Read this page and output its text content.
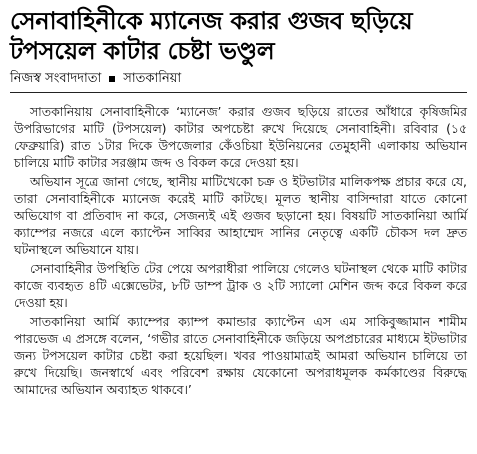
সেনাবাহিনীকে ম্যানেজ করার গুজব ছড়িয়ে টপসয়েল কাটার চেষ্টা ভণ্ডুল
নিজস্ব সংবাদদাতা সাতকানিয়া

সাতকানিয়ায় সেনাবাহিনীকে ‘ম্যানেজ’ করার গুজব ছড়িয়ে রাতের আঁধারে কৃষিজমির উপরিভাগের মাটি (টপসয়েল) কাটার অপচেষ্টা রুখে দিয়েছে সেনাবাহিনী। রবিবার (১৫ ফেব্রুয়ারি) রাত ১টার দিকে উপজেলার কেঁওচিয়া ইউনিয়নের তেমুহানী এলাকায় অভিযান চালিয়ে মাটি কাটার সরঞ্জাম জব্দ ও বিকল করে দেওয়া হয়।

অভিযান সূত্রে জানা গেছে, স্থানীয় মাটিখেকো চক্র ও ইটভাটার মালিকপক্ষ প্রচার করে যে, তারা সেনাবাহিনীকে ম্যানেজ করেই মাটি কাটছে। মূলত স্থানীয় বাসিন্দারা যাতে কোনো অভিযোগ বা প্রতিবাদ না করে, সেজন্যই এই গুজব ছড়ানো হয়। বিষয়টি সাতকানিয়া আর্মি ক্যাম্পের নজরে এলে ক্যাপ্টেন সাব্বির আহাম্মেদ সানির নেতৃত্বে একটি চৌকস দল দ্রুত ঘটনাস্থলে অভিযানে যায়।

সেনাবাহিনীর উপস্থিতি টের পেয়ে অপরাধীরা পালিয়ে গেলেও ঘটনাস্থল থেকে মাটি কাটার কাজে ব্যবহৃত ৪টি এক্সেভেটর, ৮টি ডাম্প ট্রাক ও ২টি স্যালো মেশিন জব্দ করে বিকল করে দেওয়া হয়।

সাতকানিয়া আর্মি ক্যাম্পের ক্যাম্প কমান্ডার ক্যাপ্টেন এস এম সাকিবুজ্জামান শামীম পারভেজ এ প্রসঙ্গে বলেন, ‘গভীর রাতে সেনাবাহিনীকে জড়িয়ে অপপ্রচারের মাধ্যমে ইটভাটার জন্য টপসয়েল কাটার চেষ্টা করা হয়েছিল। খবর পাওয়ামাত্রই আমরা অভিযান চালিয়ে তা রুখে দিয়েছি। জনস্বার্থে এবং পরিবেশ রক্ষায় যেকোনো অপরাধমূলক কর্মকাণ্ডের বিরুদ্ধে আমাদের অভিযান অব্যাহত থাকবে।’
